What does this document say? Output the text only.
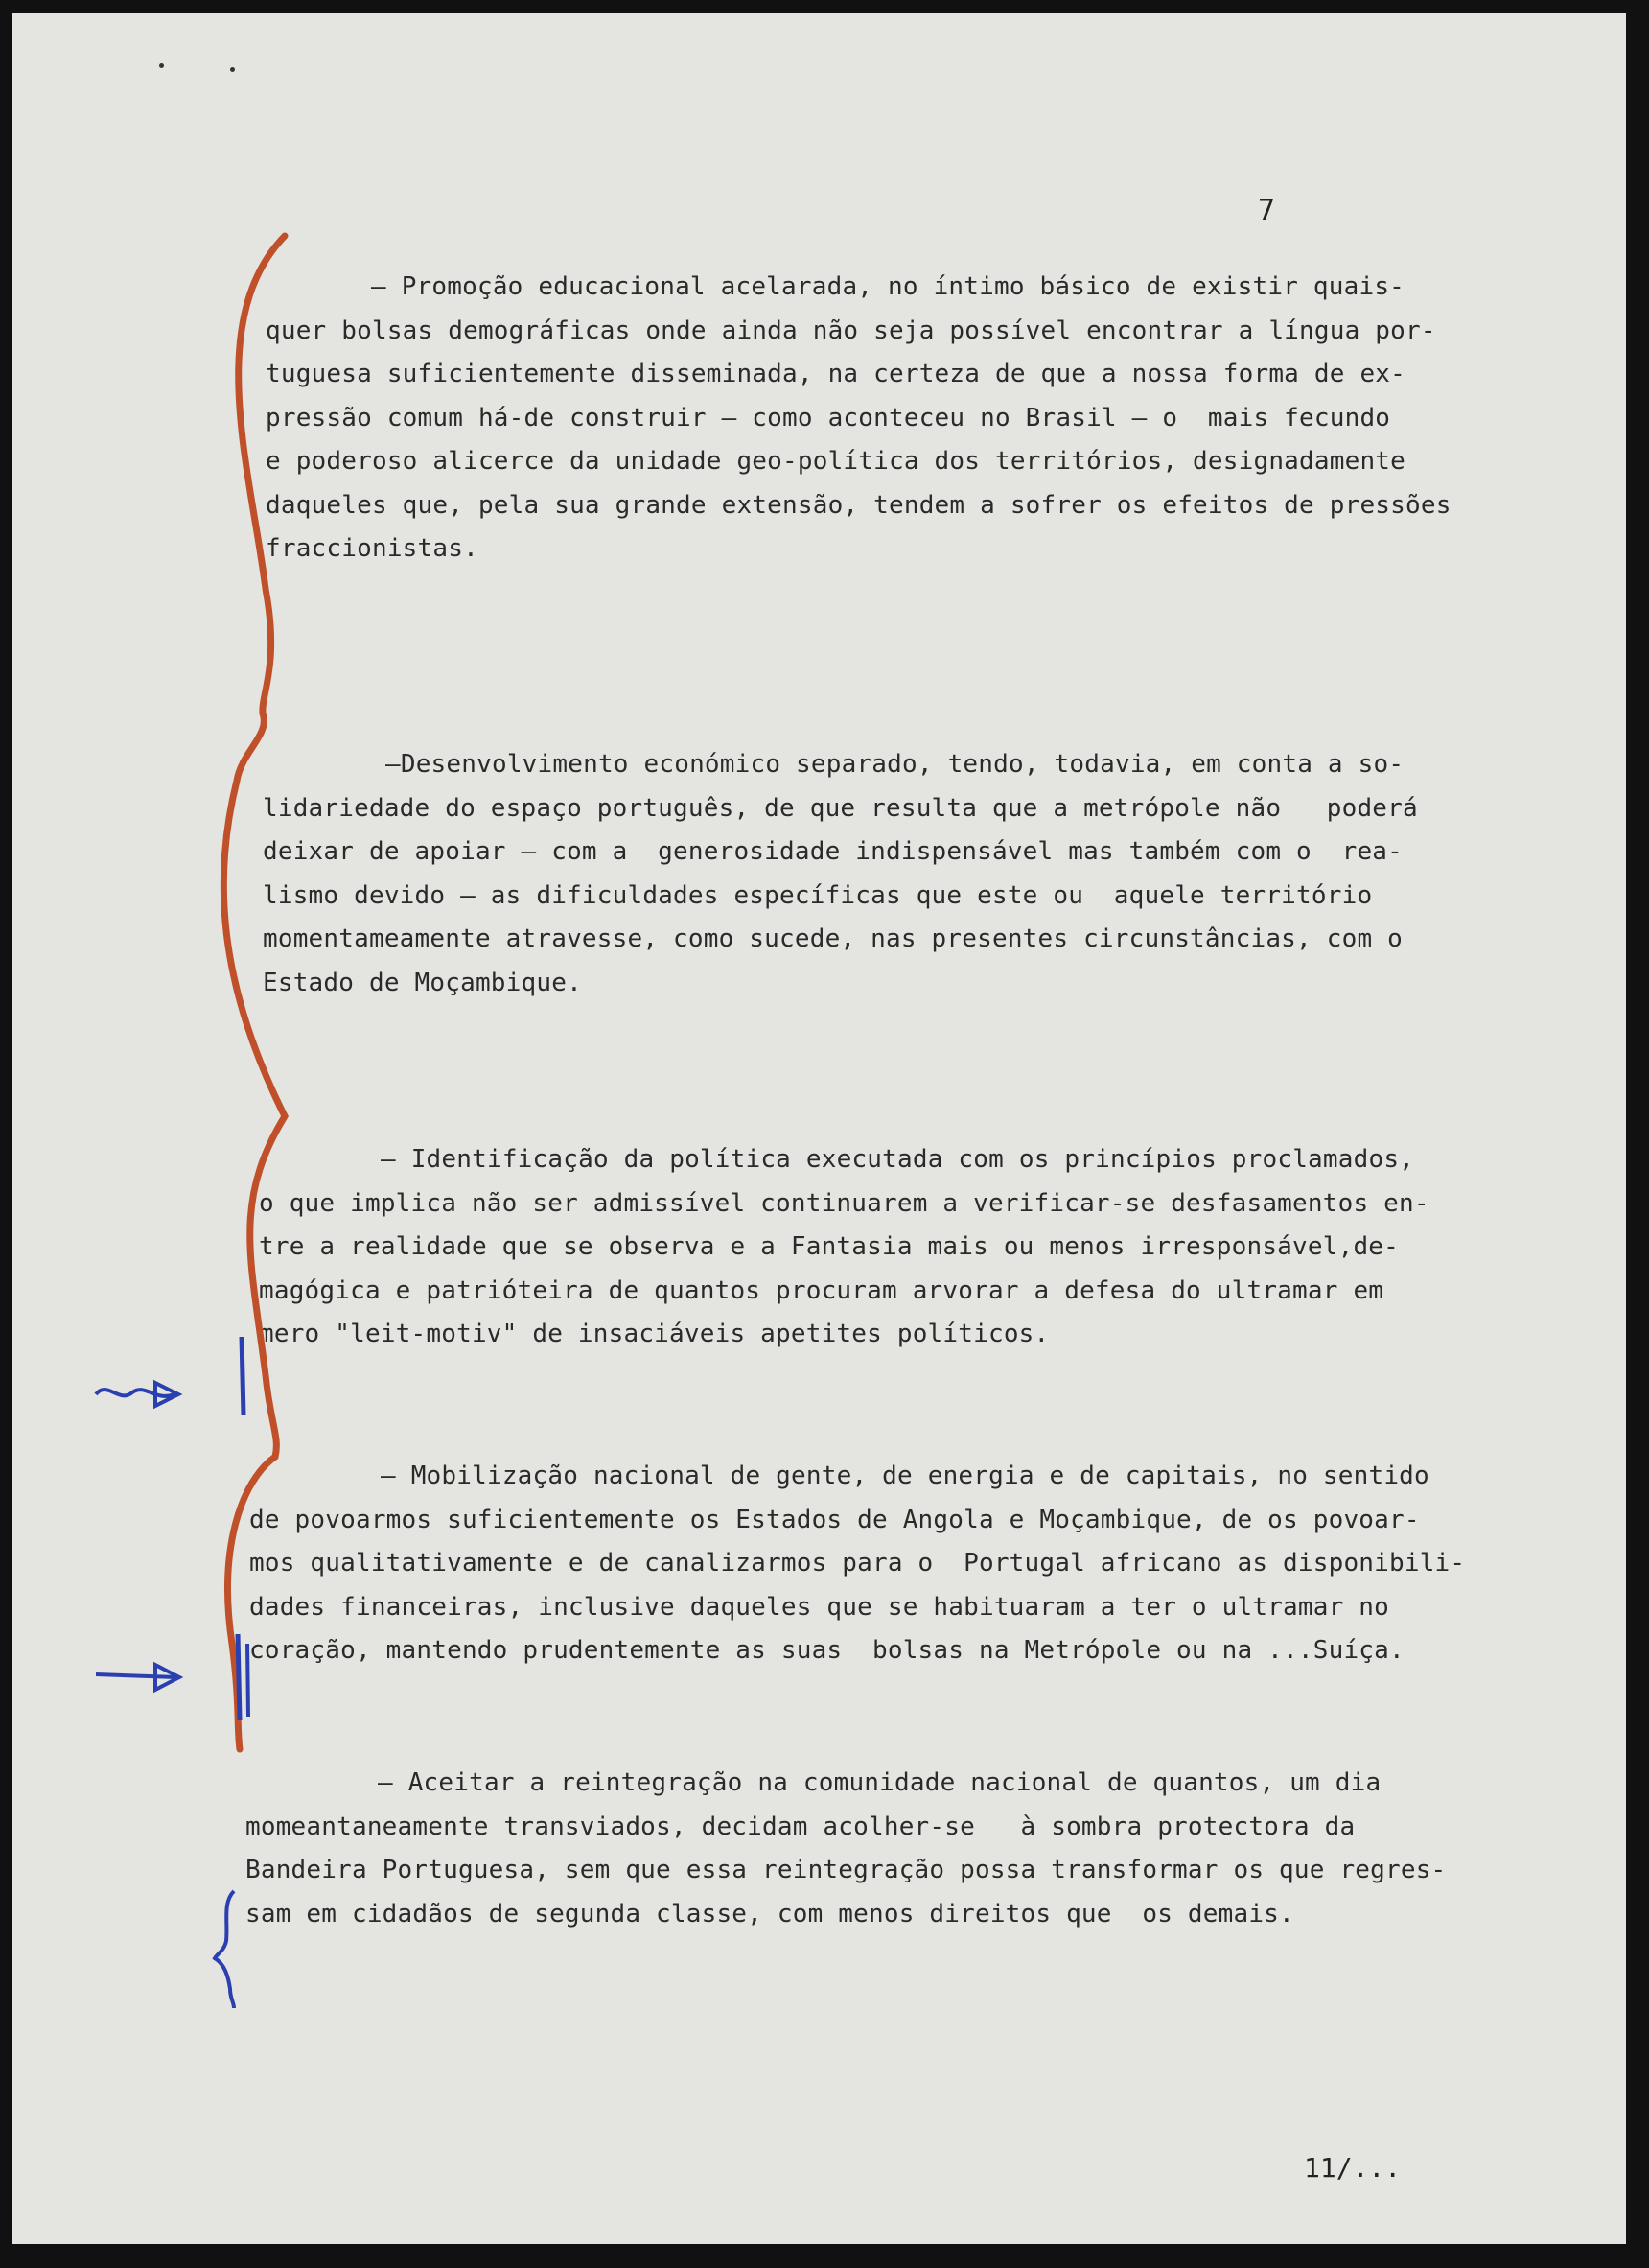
7
– Promoção educacional acelarada, no íntimo básico de existir quais-
quer bolsas demográficas onde ainda não seja possível encontrar a língua por-
tuguesa suficientemente disseminada, na certeza de que a nossa forma de ex-
pressão comum há-de construir – como aconteceu no Brasil – o  mais fecundo
e poderoso alicerce da unidade geo-política dos territórios, designadamente
daqueles que, pela sua grande extensão, tendem a sofrer os efeitos de pressões
fraccionistas.
–Desenvolvimento económico separado, tendo, todavia, em conta a so-
lidariedade do espaço português, de que resulta que a metrópole não   poderá
deixar de apoiar – com a  generosidade indispensável mas também com o  rea-
lismo devido – as dificuldades específicas que este ou  aquele território
momentameamente atravesse, como sucede, nas presentes circunstâncias, com o
Estado de Moçambique.
– Identificação da política executada com os princípios proclamados,
o que implica não ser admissível continuarem a verificar-se desfasamentos en-
tre a realidade que se observa e a Fantasia mais ou menos irresponsável,de-
magógica e patrióteira de quantos procuram arvorar a defesa do ultramar em
mero "leit-motiv" de insaciáveis apetites políticos.
– Mobilização nacional de gente, de energia e de capitais, no sentido
de povoarmos suficientemente os Estados de Angola e Moçambique, de os povoar-
mos qualitativamente e de canalizarmos para o  Portugal africano as disponibili-
dades financeiras, inclusive daqueles que se habituaram a ter o ultramar no
coração, mantendo prudentemente as suas  bolsas na Metrópole ou na ...Suíça.
– Aceitar a reintegração na comunidade nacional de quantos, um dia
momeantaneamente transviados, decidam acolher-se   à sombra protectora da
Bandeira Portuguesa, sem que essa reintegração possa transformar os que regres-
sam em cidadãos de segunda classe, com menos direitos que  os demais.
11/...
